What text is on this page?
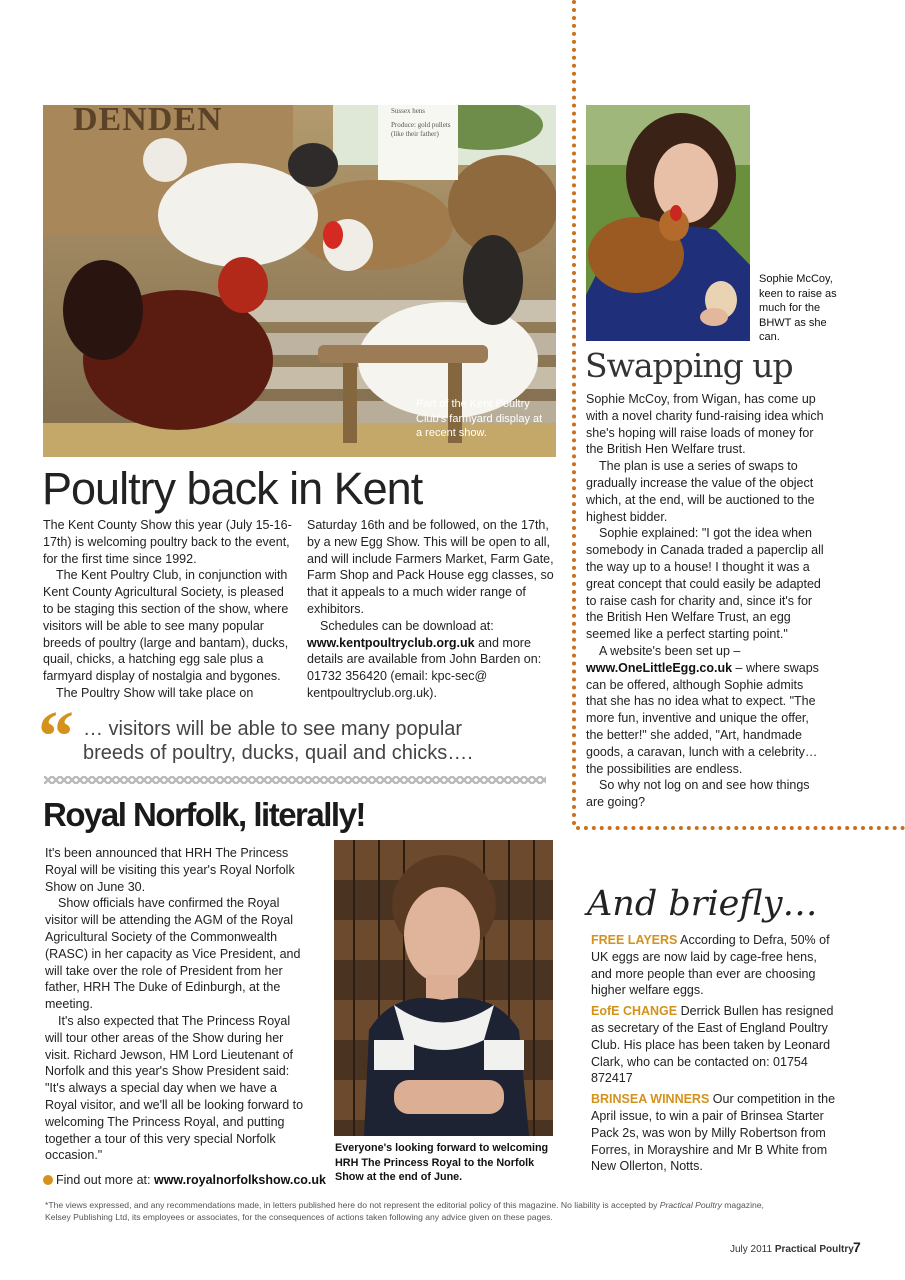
DENDEN	Sussex hens
Produce: gold pullets (like their father)
Part of the Kent Poultry Club's farmyard display at a recent show.
Sophie McCoy, keen to raise as much for the BHWT as she can.
Poultry back in Kent

The Kent County Show this year (July 15-16-17th) is welcoming poultry back to the event, for the first time since 1992.

The Kent Poultry Club, in conjunction with Kent County Agricultural Society, is pleased to be staging this section of the show, where visitors will be able to see many popular breeds of poultry (large and bantam), ducks, quail, chicks, a hatching egg sale plus a farmyard display of nostalgia and bygones.

The Poultry Show will take place on

Saturday 16th and be followed, on the 17th, by a new Egg Show. This will be open to all, and will include Farmers Market, Farm Gate, Farm Shop and Pack House egg classes, so that it appeals to a much wider range of exhibitors.

Schedules can be download at:
www.kentpoultryclub.org.uk and more details are available from John Barden on: 01732 356420 (email: kpc-sec@ kentpoultryclub.org.uk).

“ … visitors will be able to see many popular breeds of poultry, ducks, quail and chicks….
Swapping up

Sophie McCoy, from Wigan, has come up with a novel charity fund-raising idea which she's hoping will raise loads of money for the British Hen Welfare trust.

The plan is use a series of swaps to gradually increase the value of the object which, at the end, will be auctioned to the highest bidder.

Sophie explained: "I got the idea when somebody in Canada traded a paperclip all the way up to a house! I thought it was a great concept that could easily be adapted to raise cash for charity and, since it's for the British Hen Welfare Trust, an egg seemed like a perfect starting point."

A website's been set up –
www.OneLittleEgg.co.uk – where swaps can be offered, although Sophie admits that she has no idea what to expect. "The more fun, inventive and unique the offer, the better!" she added, "Art, handmade goods, a caravan, lunch with a celebrity… the possibilities are endless.

So why not log on and see how things are going?

Royal Norfolk, literally!

It's been announced that HRH The Princess Royal will be visiting this year's Royal Norfolk Show on June 30.

Show officials have confirmed the Royal visitor will be attending the AGM of the Royal Agricultural Society of the Commonwealth (RASC) in her capacity as Vice President, and will take over the role of President from her father, HRH The Duke of Edinburgh, at the meeting.

It's also expected that The Princess Royal will tour other areas of the Show during her visit. Richard Jewson, HM Lord Lieutenant of Norfolk and this year's Show President said: "It's always a special day when we have a Royal visitor, and we'll all be looking forward to welcoming The Princess Royal, and putting together a tour of this very special Norfolk occasion."

Find out more at: www.royalnorfolkshow.co.uk
Everyone's looking forward to welcoming HRH The Princess Royal to the Norfolk Show at the end of June.
And briefly…

FREE LAYERS According to Defra, 50% of UK eggs are now laid by cage-free hens, and more people than ever are choosing higher welfare eggs.

EofE CHANGE Derrick Bullen has resigned as secretary of the East of England Poultry Club. His place has been taken by Leonard Clark, who can be contacted on: 01754 872417

BRINSEA WINNERS Our competition in the April issue, to win a pair of Brinsea Starter Pack 2s, was won by Milly Robertson from Forres, in Morayshire and Mr B White from New Ollerton, Notts.

*The views expressed, and any recommendations made, in letters published here do not represent the editorial policy of this magazine. No liability is accepted by Practical Poultry magazine, Kelsey Publishing Ltd, its employees or associates, for the consequences of actions taken following any advice given on these pages.
July 2011 Practical Poultry 7
